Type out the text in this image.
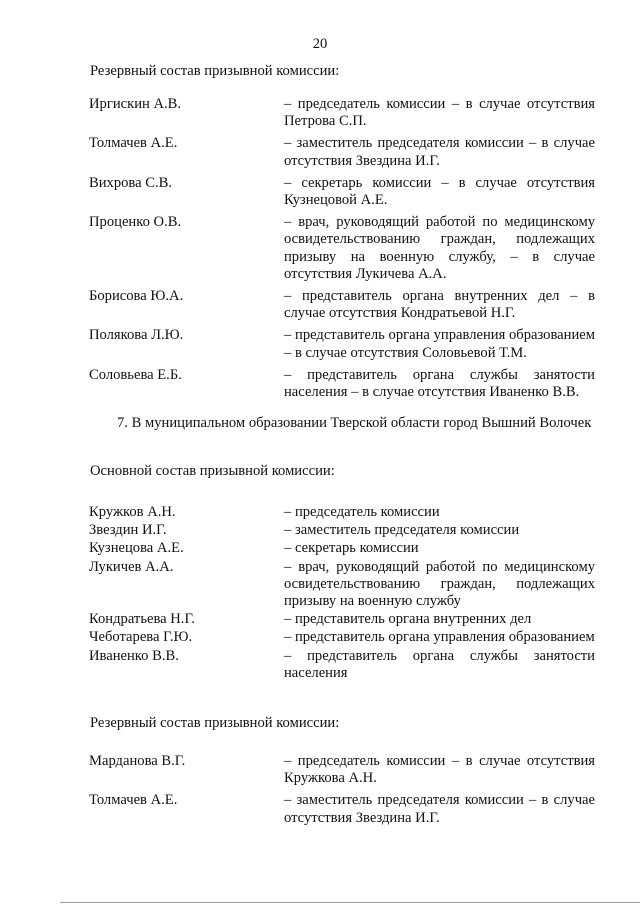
20
Резервный состав призывной комиссии:
Иргискин А.В.	– председатель комиссии – в случае отсутствия Петрова С.П.
Толмачев А.Е.	– заместитель председателя комиссии – в случае отсутствия Звездина И.Г.
Вихрова С.В.	– секретарь комиссии – в случае отсутствия Кузнецовой А.Е.
Проценко О.В.	– врач, руководящий работой по медицинскому освидетельствованию граждан, подлежащих призыву на военную службу, – в случае отсутствия Лукичева А.А.
Борисова Ю.А.	– представитель органа внутренних дел – в случае отсутствия Кондратьевой Н.Г.
Полякова Л.Ю.	– представитель органа управления образованием – в случае отсутствия Соловьевой Т.М.
Соловьева Е.Б.	– представитель органа службы занятости населения – в случае отсутствия Иваненко В.В.
7. В муниципальном образовании Тверской области город Вышний Волочек
Основной состав призывной комиссии:
Кружков А.Н.	– председатель комиссии
Звездин И.Г.	– заместитель председателя комиссии
Кузнецова А.Е.	– секретарь комиссии
Лукичев А.А.	– врач, руководящий работой по медицинскому освидетельствованию граждан, подлежащих призыву на военную службу
Кондратьева Н.Г.	– представитель органа внутренних дел
Чеботарева Г.Ю.	– представитель органа управления образованием
Иваненко В.В.	– представитель органа службы занятости населения
Резервный состав призывной комиссии:
Марданова В.Г.	– председатель комиссии – в случае отсутствия Кружкова А.Н.
Толмачев А.Е.	– заместитель председателя комиссии – в случае отсутствия Звездина И.Г.
